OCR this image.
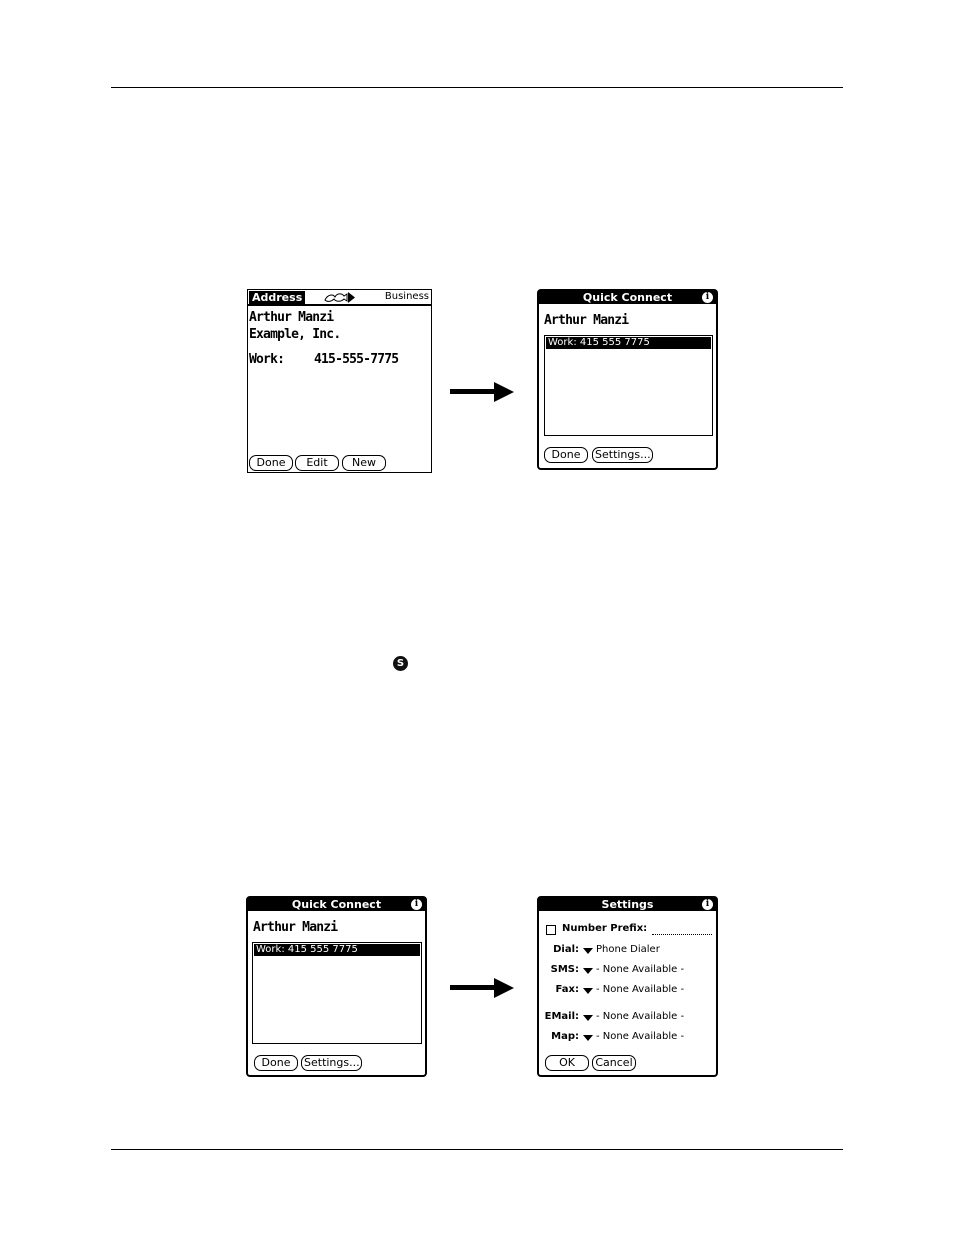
Address	Business
Arthur Manzi
Example, Inc.
Work: 415-555-7775
Done	Edit	New
Quick Connect	i
Arthur Manzi
Work: 415 555 7775
Done	Settings...
S
Quick Connect	i
Arthur Manzi
Work: 415 555 7775
Done	Settings...
Settings	i
Number Prefix:
Dial: Phone Dialer
SMS: - None Available -
Fax: - None Available -
EMail: - None Available -
Map: - None Available -
OK	Cancel
